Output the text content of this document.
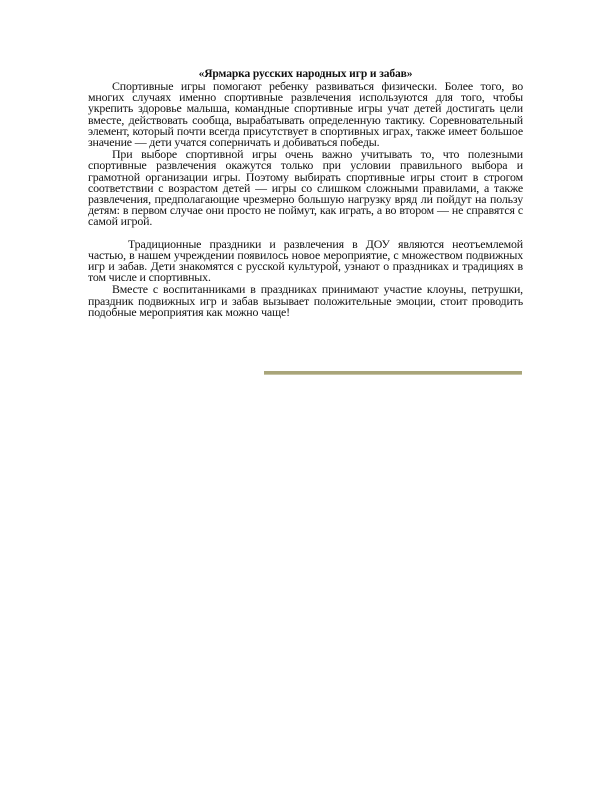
«Ярмарка русских народных игр и забав»

Спортивные игры помогают ребенку развиваться физически. Более того, во многих случаях именно спортивные развлечения используются для того, чтобы укрепить здоровье малыша, командные спортивные игры учат детей достигать цели вместе, действовать сообща, вырабатывать определенную тактику. Соревновательный элемент, который почти всегда присутствует в спортивных играх, также имеет большое значение — дети учатся соперничать и добиваться победы.

При выборе спортивной игры очень важно учитывать то, что полезными спортивные развлечения окажутся только при условии правильного выбора и грамотной организации игры. Поэтому выбирать спортивные игры стоит в строгом соответствии с возрастом детей — игры со слишком сложными правилами, а также развлечения, предполагающие чрезмерно большую нагрузку вряд ли пойдут на пользу детям: в первом случае они просто не поймут, как играть, а во втором — не справятся с самой игрой.

Традиционные праздники и развлечения в ДОУ являются неотъемлемой частью, в нашем учреждении появилось новое мероприятие, с множеством подвижных игр и забав. Дети знакомятся с русской культурой, узнают о праздниках и традициях в том числе и спортивных.

Вместе с воспитанниками в праздниках принимают участие клоуны, петрушки, праздник подвижных игр и забав вызывает положительные эмоции, стоит проводить подобные мероприятия как можно чаще!
